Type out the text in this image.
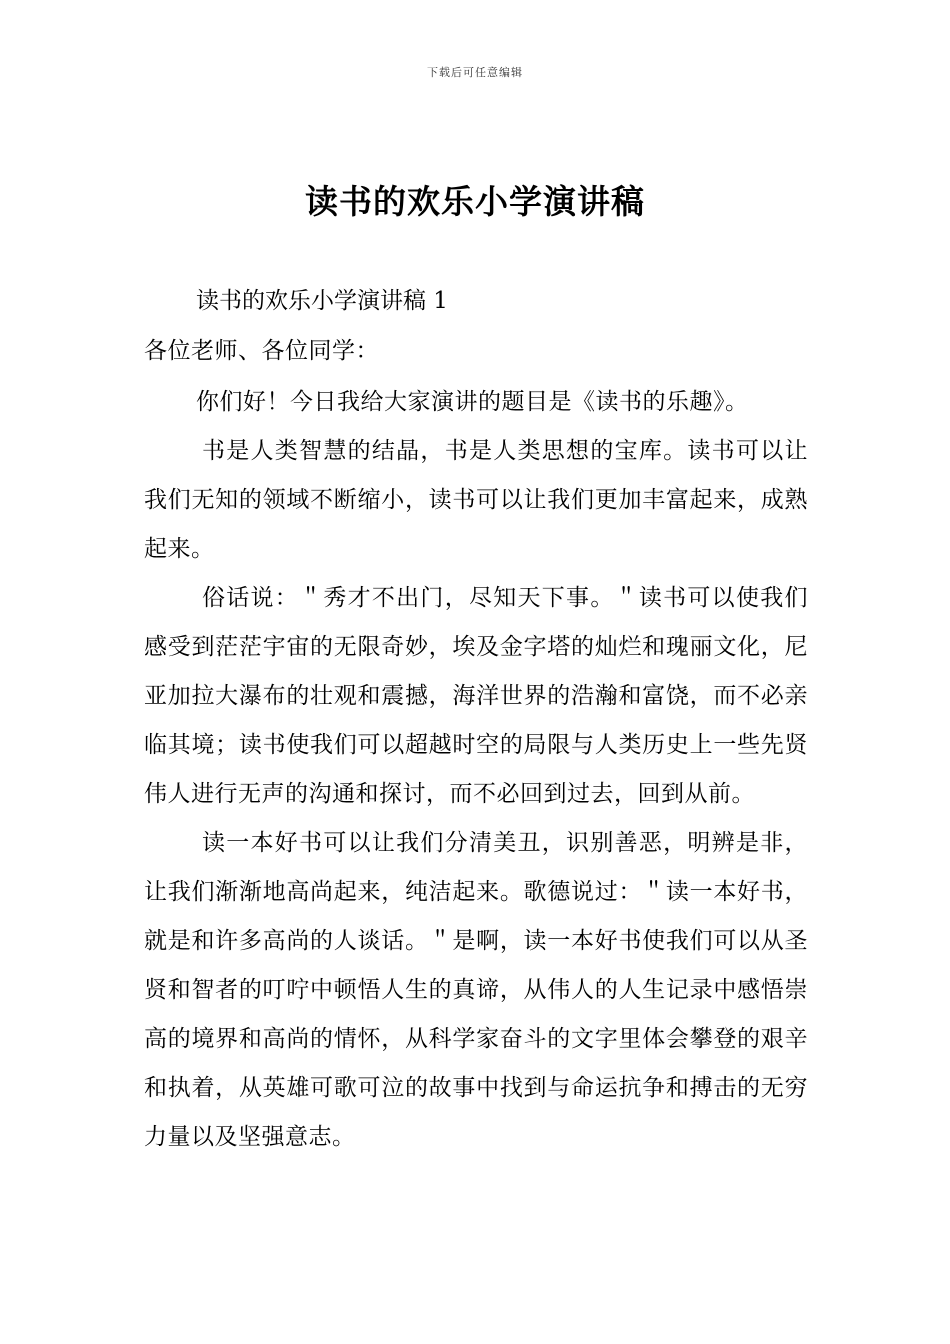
下载后可任意编辑
读书的欢乐小学演讲稿

读书的欢乐小学演讲稿 1

各位老师、各位同学：

你们好！今日我给大家演讲的题目是《读书的乐趣》。

书是人类智慧的结晶，书是人类思想的宝库。读书可以让我们无知的领域不断缩小，读书可以让我们更加丰富起来，成熟起来。

俗话说：＂秀才不出门，尽知天下事。＂读书可以使我们感受到茫茫宇宙的无限奇妙，埃及金字塔的灿烂和瑰丽文化，尼亚加拉大瀑布的壮观和震撼，海洋世界的浩瀚和富饶，而不必亲临其境；读书使我们可以超越时空的局限与人类历史上一些先贤伟人进行无声的沟通和探讨，而不必回到过去，回到从前。

读一本好书可以让我们分清美丑，识别善恶，明辨是非，让我们渐渐地高尚起来，纯洁起来。歌德说过：＂读一本好书，就是和许多高尚的人谈话。＂是啊，读一本好书使我们可以从圣贤和智者的叮咛中顿悟人生的真谛，从伟人的人生记录中感悟崇高的境界和高尚的情怀，从科学家奋斗的文字里体会攀登的艰辛和执着，从英雄可歌可泣的故事中找到与命运抗争和搏击的无穷力量以及坚强意志。
